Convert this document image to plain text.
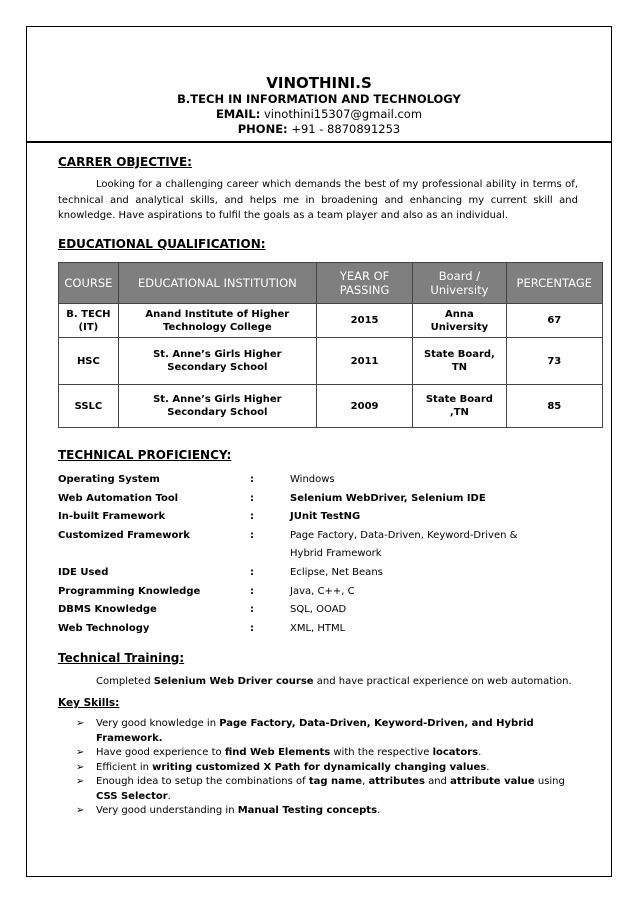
VINOTHINI.S
B.TECH IN INFORMATION AND TECHNOLOGY
EMAIL: vinothini15307@gmail.com
PHONE: +91 - 8870891253
CARRER OBJECTIVE:
Looking for a challenging career which demands the best of my professional ability in terms of, technical and analytical skills, and helps me in broadening and enhancing my current skill and knowledge. Have aspirations to fulfil the goals as a team player and also as an individual.
EDUCATIONAL QUALIFICATION:
COURSE	EDUCATIONAL INSTITUTION	YEAR OF PASSING	Board / University	PERCENTAGE
B. TECH (IT)	Anand Institute of Higher Technology College	2015	Anna University	67
HSC	St. Anne’s Girls Higher Secondary School	2011	State Board, TN	73
SSLC	St. Anne’s Girls Higher Secondary School	2009	State Board ,TN	85
TECHNICAL PROFICIENCY:
Operating System	:	Windows
Web Automation Tool	:	Selenium WebDriver, Selenium IDE
In-built Framework	:	JUnit TestNG
Customized Framework	:	Page Factory, Data-Driven, Keyword-Driven &
Hybrid Framework
IDE Used	:	Eclipse, Net Beans
Programming Knowledge	:	Java, C++, C
DBMS Knowledge	:	SQL, OOAD
Web Technology	:	XML, HTML
Technical Training:
Completed Selenium Web Driver course and have practical experience on web automation.
Key Skills:
➢ Very good knowledge in Page Factory, Data-Driven, Keyword-Driven, and Hybrid Framework.
➢ Have good experience to find Web Elements with the respective locators.
➢ Efficient in writing customized X Path for dynamically changing values.
➢ Enough idea to setup the combinations of tag name, attributes and attribute value using CSS Selector.
➢ Very good understanding in Manual Testing concepts.
